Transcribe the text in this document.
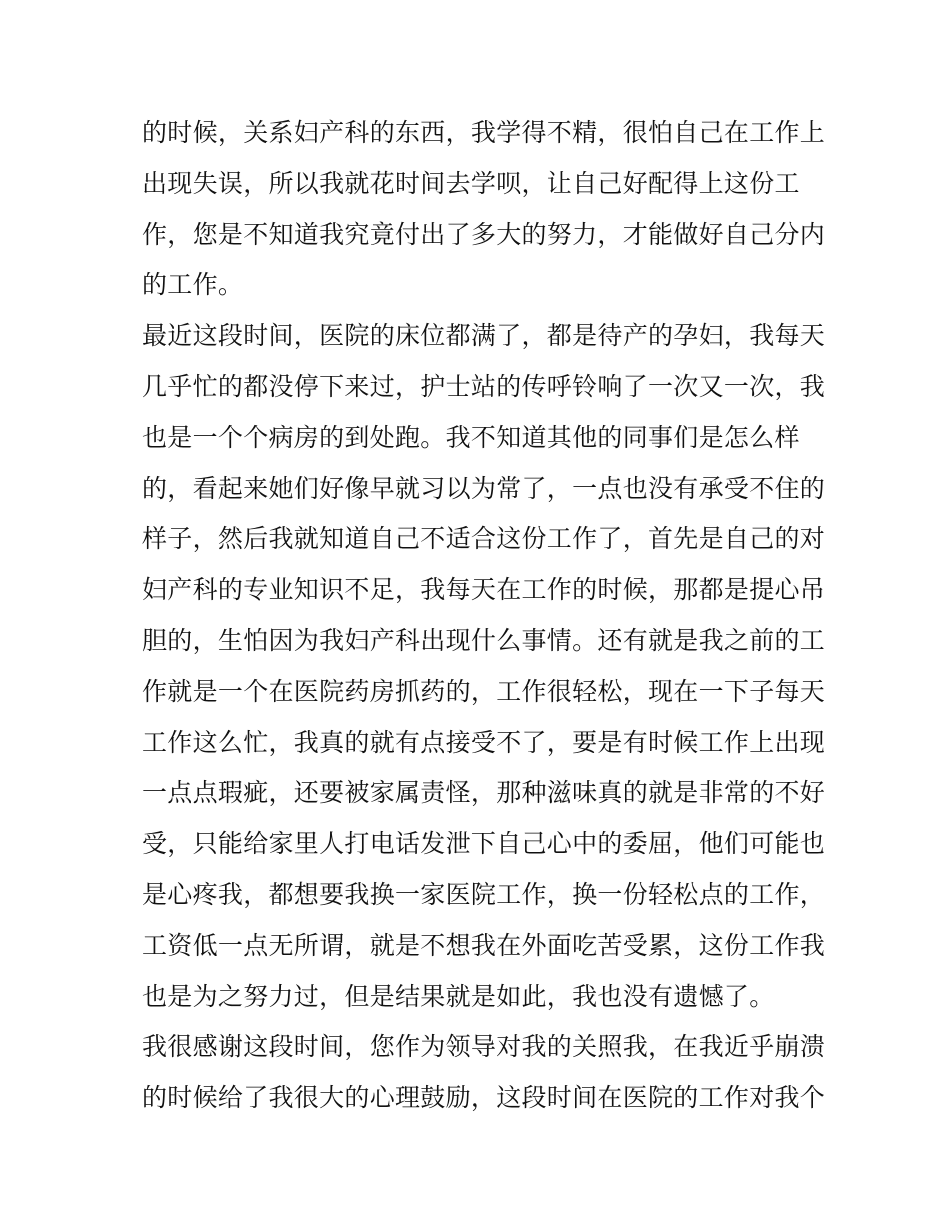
的时候，关系妇产科的东西，我学得不精，很怕自己在工作上
出现失误，所以我就花时间去学呗，让自己好配得上这份工
作，您是不知道我究竟付出了多大的努力，才能做好自己分内
的工作。
最近这段时间，医院的床位都满了，都是待产的孕妇，我每天
几乎忙的都没停下来过，护士站的传呼铃响了一次又一次，我
也是一个个病房的到处跑。我不知道其他的同事们是怎么样
的，看起来她们好像早就习以为常了，一点也没有承受不住的
样子，然后我就知道自己不适合这份工作了，首先是自己的对
妇产科的专业知识不足，我每天在工作的时候，那都是提心吊
胆的，生怕因为我妇产科出现什么事情。还有就是我之前的工
作就是一个在医院药房抓药的，工作很轻松，现在一下子每天
工作这么忙，我真的就有点接受不了，要是有时候工作上出现
一点点瑕疵，还要被家属责怪，那种滋味真的就是非常的不好
受，只能给家里人打电话发泄下自己心中的委屈，他们可能也
是心疼我，都想要我换一家医院工作，换一份轻松点的工作，
工资低一点无所谓，就是不想我在外面吃苦受累，这份工作我
也是为之努力过，但是结果就是如此，我也没有遗憾了。
我很感谢这段时间，您作为领导对我的关照我，在我近乎崩溃
的时候给了我很大的心理鼓励，这段时间在医院的工作对我个
